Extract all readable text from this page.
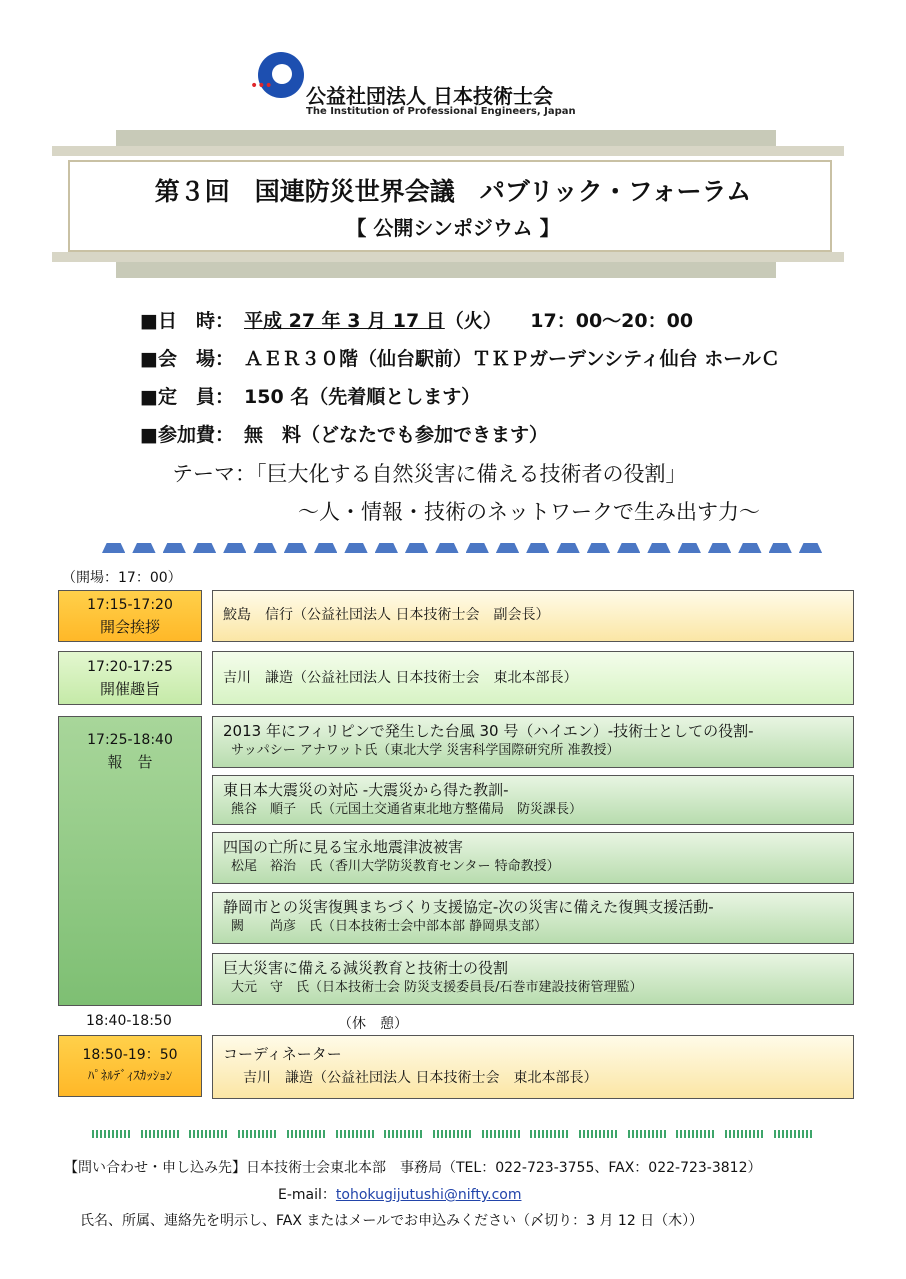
••• 公益社団法人 日本技術士会
The Institution of Professional Engineers, Japan
第３回　国連防災世界会議　パブリック・フォーラム
【 公開シンポジウム 】
■日　時： 平成 27 年 3 月 17 日（火）　　17：00～20：00
■会　場： ＡＥＲ３０階（仙台駅前）ＴＫＰガーデンシティ仙台 ホールＣ
■定　員： 150 名（先着順とします）
■参加費： 無　料（どなたでも参加できます）
テーマ：「巨大化する自然災害に備える技術者の役割」
～人・情報・技術のネットワークで生み出す力～
（開場：17：00）
17:15-17:20
開会挨拶
鮫島　信行（公益社団法人 日本技術士会　副会長）
17:20-17:25
開催趣旨
吉川　謙造（公益社団法人 日本技術士会　東北本部長）
17:25-18:40
報　告
2013 年にフィリピンで発生した台風 30 号（ハイエン）-技術士としての役割-
サッパシー アナワット氏（東北大学 災害科学国際研究所 准教授）
東日本大震災の対応 -大震災から得た教訓-
熊谷　順子　氏（元国土交通省東北地方整備局　防災課長）
四国の亡所に見る宝永地震津波被害
松尾　裕治　氏（香川大学防災教育センター 特命教授）
静岡市との災害復興まちづくり支援協定-次の災害に備えた復興支援活動-
闕　　尚彦　氏（日本技術士会中部本部 静岡県支部）
巨大災害に備える減災教育と技術士の役割
大元　守　氏（日本技術士会 防災支援委員長/石巻市建設技術管理監）
18:40-18:50	（休　憩）
18:50-19：50
ﾊﾟﾈﾙﾃﾞｨｽｶｯｼｮﾝ
コーディネーター
吉川　謙造（公益社団法人 日本技術士会　東北本部長）
【問い合わせ・申し込み先】日本技術士会東北本部　事務局（TEL：022-723-3755、FAX：022-723-3812）
E-mail：tohokugijutushi@nifty.com
氏名、所属、連絡先を明示し、FAX またはメールでお申込みください（〆切り：3 月 12 日（木））
